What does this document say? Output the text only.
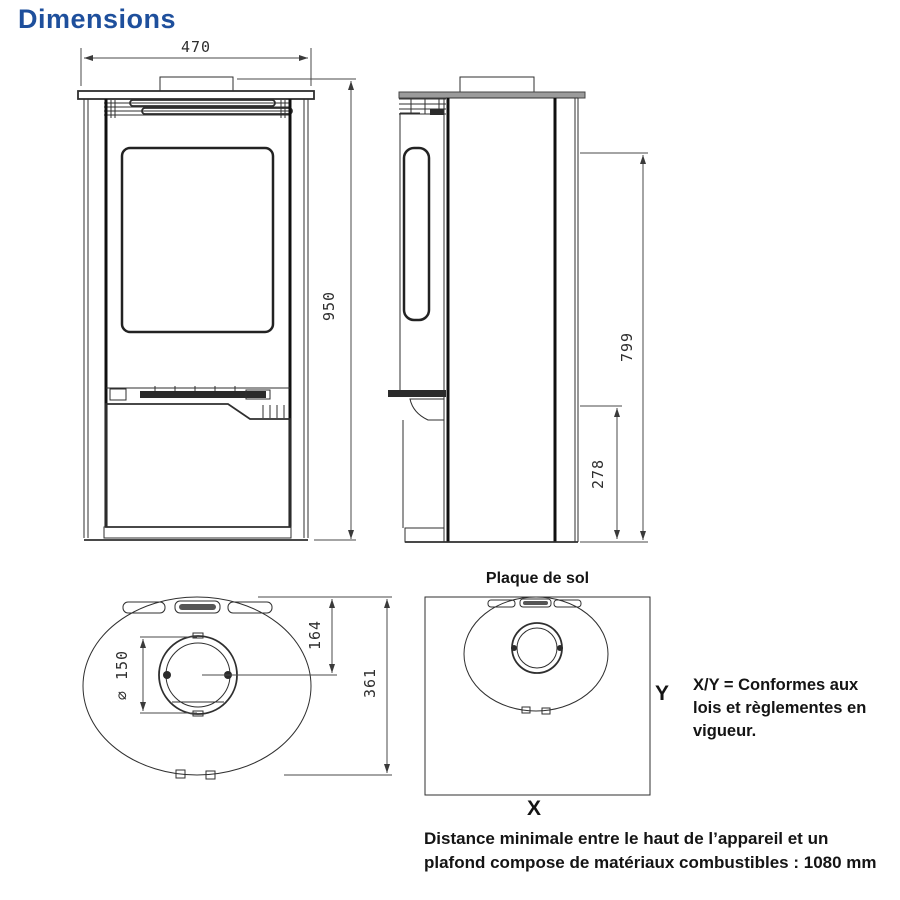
470
950
799
278
⌀ 150
164
361
Dimensions
Plaque de sol
Y
X
X/Y = Conformes aux
lois et règlementes en
vigueur.
Distance minimale entre le haut de l’appareil et un
plafond compose de matériaux combustibles : 1080 mm
